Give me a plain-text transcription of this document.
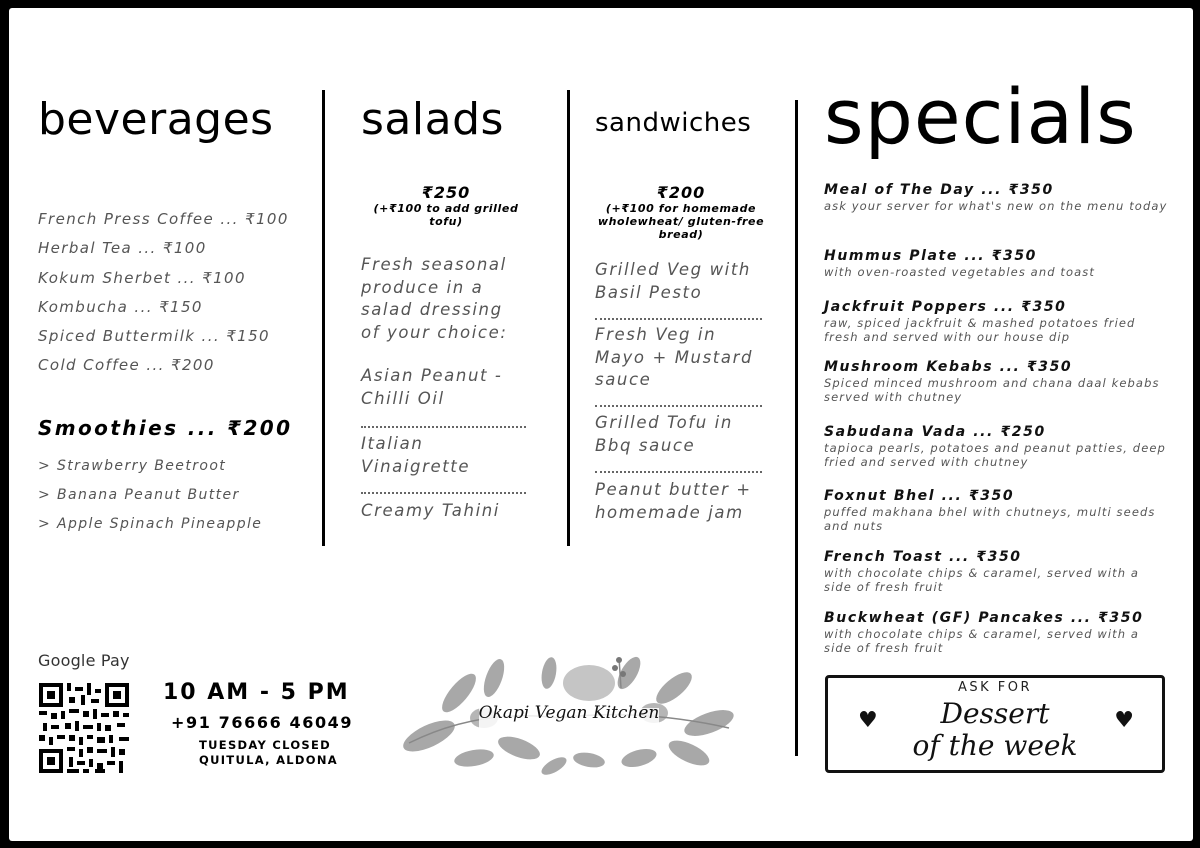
beverages salads	sandwiches specials
French Press Coffee ... ₹100
Herbal Tea ... ₹100
Kokum Sherbet ... ₹100
Kombucha ... ₹150
Spiced Buttermilk ... ₹150
Cold Coffee ... ₹200
Smoothies ... ₹200
> Strawberry Beetroot
> Banana Peanut Butter
> Apple Spinach Pineapple
₹250
(+₹100 to add grilled tofu)
Fresh seasonal
produce in a
salad dressing
of your choice:
Asian Peanut -
Chilli Oil
Italian
Vinaigrette
Creamy Tahini
₹200
(+₹100 for homemade wholewheat/ gluten-free bread)
Grilled Veg with
Basil Pesto
Fresh Veg in
Mayo + Mustard
sauce
Grilled Tofu in
Bbq sauce
Peanut butter +
homemade jam
Meal of The Day ... ₹350
ask your server for what's new on the menu today
Hummus Plate ... ₹350
with oven-roasted vegetables and toast
Jackfruit Poppers ... ₹350
raw, spiced jackfruit & mashed potatoes fried fresh and served with our house dip
Mushroom Kebabs ... ₹350
Spiced minced mushroom and chana daal kebabs served with chutney
Sabudana Vada ... ₹250
tapioca pearls, potatoes and peanut patties, deep fried and served with chutney
Foxnut Bhel ... ₹350
puffed makhana bhel with chutneys, multi seeds and nuts
French Toast ... ₹350
with chocolate chips & caramel, served with a side of fresh fruit
Buckwheat (GF) Pancakes ... ₹350
with chocolate chips & caramel, served with a side of fresh fruit
Google Pay
10 AM - 5 PM
+91 76666 46049
TUESDAY CLOSED
QUITULA, ALDONA
Okapi Vegan Kitchen
ASK FOR
Dessert
of the week
♥	♥
